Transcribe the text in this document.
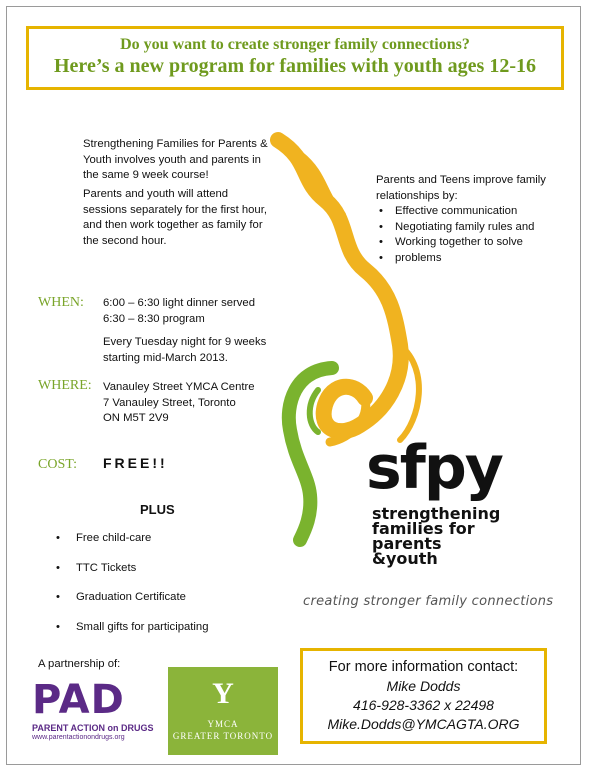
Do you want to create stronger family connections?
Here’s a new program for families with youth ages 12-16
Strengthening Families for Parents &
Youth involves youth and parents in
the same 9 week course!
Parents and youth will attend
sessions separately for the first hour,
and then work together as family for
the second hour.
Parents and Teens improve family
relationships by:
• Effective communication
• Negotiating family rules and
• Working together to solve
• problems
sfpy
strengthening
families for
parents
&youth
creating stronger family connections
WHEN: 6:00 – 6:30 light dinner served
6:30 – 8:30 program
Every Tuesday night for 9 weeks
starting mid-March 2013.
WHERE: Vanauley Street YMCA Centre
7 Vanauley Street, Toronto
ON M5T 2V9
COST: FREE!!
PLUS
• Free child-care
• TTC Tickets
• Graduation Certificate
• Small gifts for participating
A partnership of:
PAD
PARENT ACTION on DRUGS
www.parentactionondrugs.org
Y
YMCA
GREATER TORONTO
For more information contact:
Mike Dodds
416-928-3362 x 22498
Mike.Dodds@YMCAGTA.ORG
